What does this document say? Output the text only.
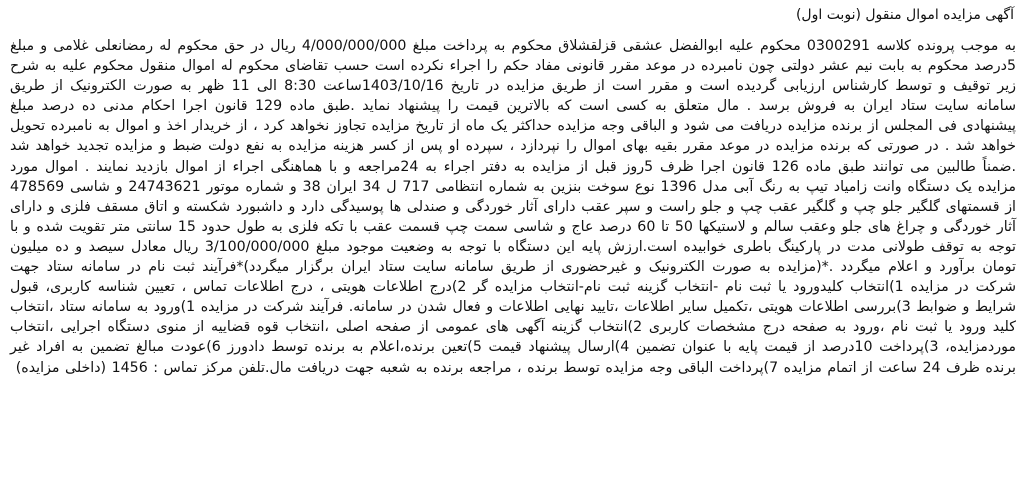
آگهی مزایده اموال منقول (نوبت اول)

به موجب پرونده کلاسه 0300291 محکوم علیه ابوالفضل عشقی قزلقشلاق محکوم به پرداخت مبلغ 4/000/000/000 ریال در حق محکوم له رمضانعلی غلامی و مبلغ 5درصد محکوم به بابت نیم عشر دولتی چون نامبرده در موعد مقرر قانونی مفاد حکم را اجراء نکرده است حسب تقاضای محکوم له اموال منقول محکوم علیه به شرح زیر توقیف و توسط کارشناس ارزیابی گردیده است و مقرر است از طریق مزایده در تاریخ 1403/10/16ساعت 8:30 الی 11 ظهر به صورت الکترونیک از طریق سامانه سایت ستاد ایران به فروش برسد . مال متعلق به کسی است که بالاترین قیمت را پیشنهاد نماید .طبق ماده 129 قانون اجرا احکام مدنی ده درصد مبلغ پیشنهادی فی المجلس از برنده مزایده دریافت می شود و الباقی وجه مزایده حداکثر یک ماه از تاریخ مزایده تجاوز نخواهد کرد ، از خریدار اخذ و اموال به نامبرده تحویل خواهد شد . در صورتی که برنده مزایده در موعد مقرر بقیه بهای اموال را نپردازد ، سپرده او پس از کسر هزینه مزایده به نفع دولت ضبط و مزایده تجدید خواهد شد .ضمناً طالبین می توانند طبق ماده 126 قانون اجرا ظرف 5روز قبل از مزایده به دفتر اجراء به 24مراجعه و با هماهنگی اجراء از اموال بازدید نمایند . اموال مورد مزایده یک دستگاه وانت زامیاد تیپ به رنگ آبی مدل 1396 نوع سوخت بنزین به شماره انتظامی 717 ل 34 ایران 38 و شماره موتور 24743621 و شاسی 478569 از قسمتهای گلگیر جلو چپ و گلگیر عقب چپ و جلو راست و سپر عقب دارای آثار خوردگی و صندلی ها پوسیدگی دارد و داشبورد شکسته و اتاق مسقف فلزی و دارای آثار خوردگی و چراغ های جلو وعقب سالم و لاستیکها 50 تا 60 درصد عاج و شاسی سمت چپ قسمت عقب با تکه فلزی به طول حدود 15 سانتی متر تقویت شده و با توجه به توقف طولانی مدت در پارکینگ باطری خوابیده است.ارزش پایه این دستگاه با توجه به وضعیت موجود مبلغ 3/100/000/000 ریال معادل سیصد و ده میلیون تومان برآورد و اعلام میگردد .*(مزایده به صورت الکترونیک و غیرحضوری از طریق سامانه سایت ستاد ایران برگزار میگردد)*فرآیند ثبت نام در سامانه ستاد جهت شرکت در مزایده 1)انتخاب کلیدورود یا ثبت نام -انتخاب گزینه ثبت نام-انتخاب مزایده گر 2)درج اطلاعات هویتی ، درج اطلاعات تماس ، تعیین شناسه کاربری، قبول شرایط و ضوابط 3)بررسی اطلاعات هویتی ،تکمیل سایر اطلاعات ،تایید نهایی اطلاعات و فعال شدن در سامانه. فرآیند شرکت در مزایده 1)ورود به سامانه ستاد ،انتخاب کلید ورود یا ثبت نام ،ورود به صفحه درج مشخصات کاربری 2)انتخاب گزینه آگهی های عمومی از صفحه اصلی ،انتخاب قوه قضاییه از منوی دستگاه اجرایی ،انتخاب موردمزایده، 3)پرداخت 10درصد از قیمت پایه با عنوان تضمین 4)ارسال پیشنهاد قیمت 5)تعین برنده،اعلام به برنده توسط دادورز 6)عودت مبالغ تضمین به افراد غیر برنده ظرف 24 ساعت از اتمام مزایده 7)پرداخت الباقی وجه مزایده توسط برنده ، مراجعه برنده به شعبه جهت دریافت مال.تلفن مرکز تماس : 1456 (داخلی مزایده)
